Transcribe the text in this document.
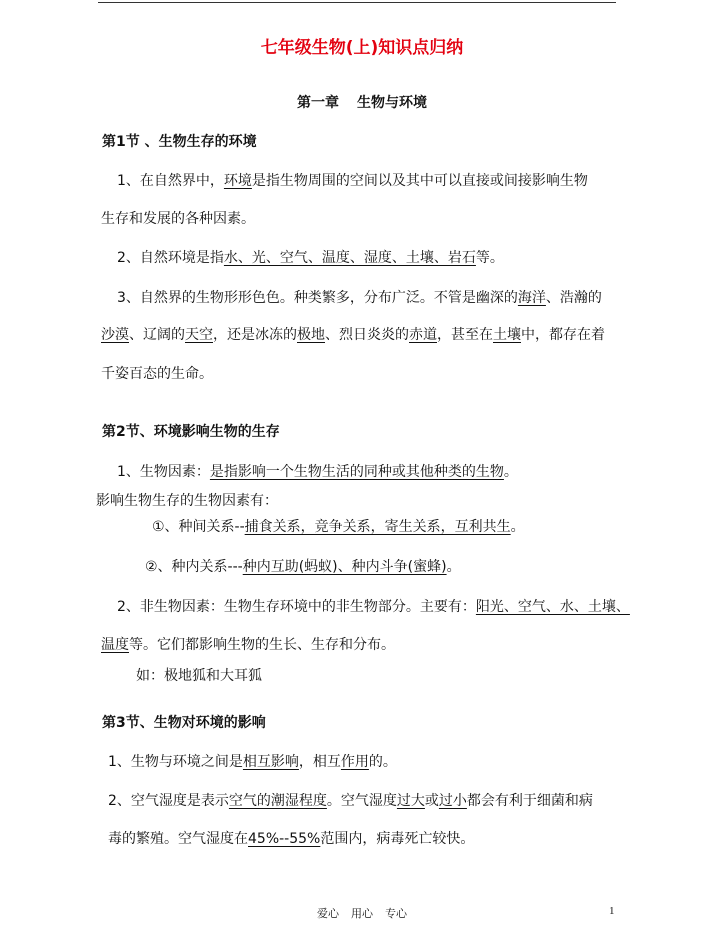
七年级生物(上)知识点归纳
第一章 生物与环境
第1节 、生物生存的环境
1、在自然界中，环境是指生物周围的空间以及其中可以直接或间接影响生物
生存和发展的各种因素。
2、自然环境是指水、光、空气、温度、湿度、土壤、岩石等。
3、自然界的生物形形色色。种类繁多，分布广泛。不管是幽深的海洋、浩瀚的
沙漠、辽阔的天空，还是冰冻的极地、烈日炎炎的赤道，甚至在土壤中，都存在着
千姿百态的生命。
第2节、环境影响生物的生存
1、生物因素：是指影响一个生物生活的同种或其他种类的生物。
影响生物生存的生物因素有：
①、种间关系--捕食关系，竞争关系，寄生关系，互利共生。
②、种内关系---种内互助(蚂蚁)、种内斗争(蜜蜂)。
2、非生物因素：生物生存环境中的非生物部分。主要有：阳光、空气、水、土壤、
温度等。它们都影响生物的生长、生存和分布。
如：极地狐和大耳狐
第3节、生物对环境的影响
1、生物与环境之间是相互影响，相互作用的。
2、空气湿度是表示空气的潮湿程度。空气湿度过大或过小都会有利于细菌和病
毒的繁殖。空气湿度在45%--55%范围内，病毒死亡较快。
爱心 用心 专心	1
